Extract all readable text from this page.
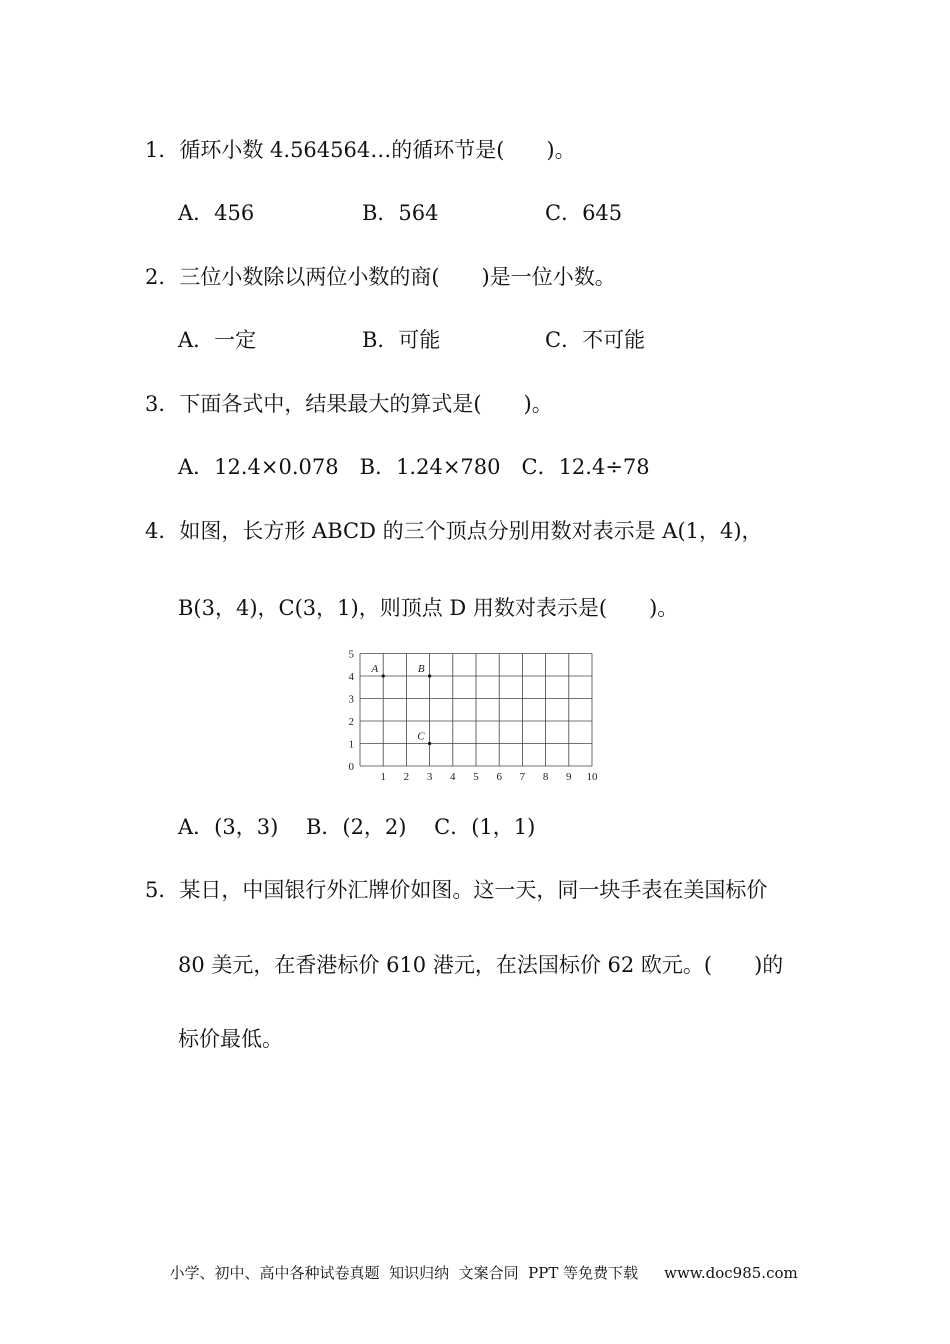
1．循环小数 4.564564…的循环节是(　　)。
A．456	B．564	C．645
2．三位小数除以两位小数的商(　　)是一位小数。
A．一定	B．可能	C．不可能
3．下面各式中，结果最大的算式是(　　)。
A．12.4×0.078　B．1.24×780　C．12.4÷78
4．如图，长方形 ABCD 的三个顶点分别用数对表示是 A(1，4)，
B(3，4)，C(3，1)，则顶点 D 用数对表示是(　　)。
1 2 3 4 5 6 7 8 9 10
0
1
2
3
4
5
A	B
C
A．(3，3)　 B．(2，2)　 C．(1，1)
5．某日，中国银行外汇牌价如图。这一天，同一块手表在美国标价
80 美元，在香港标价 610 港元，在法国标价 62 欧元。(　　)的
标价最低。

小学、初中、高中各种试卷真题  知识归纳  文案合同  PPT 等免费下载 www.doc985.com
